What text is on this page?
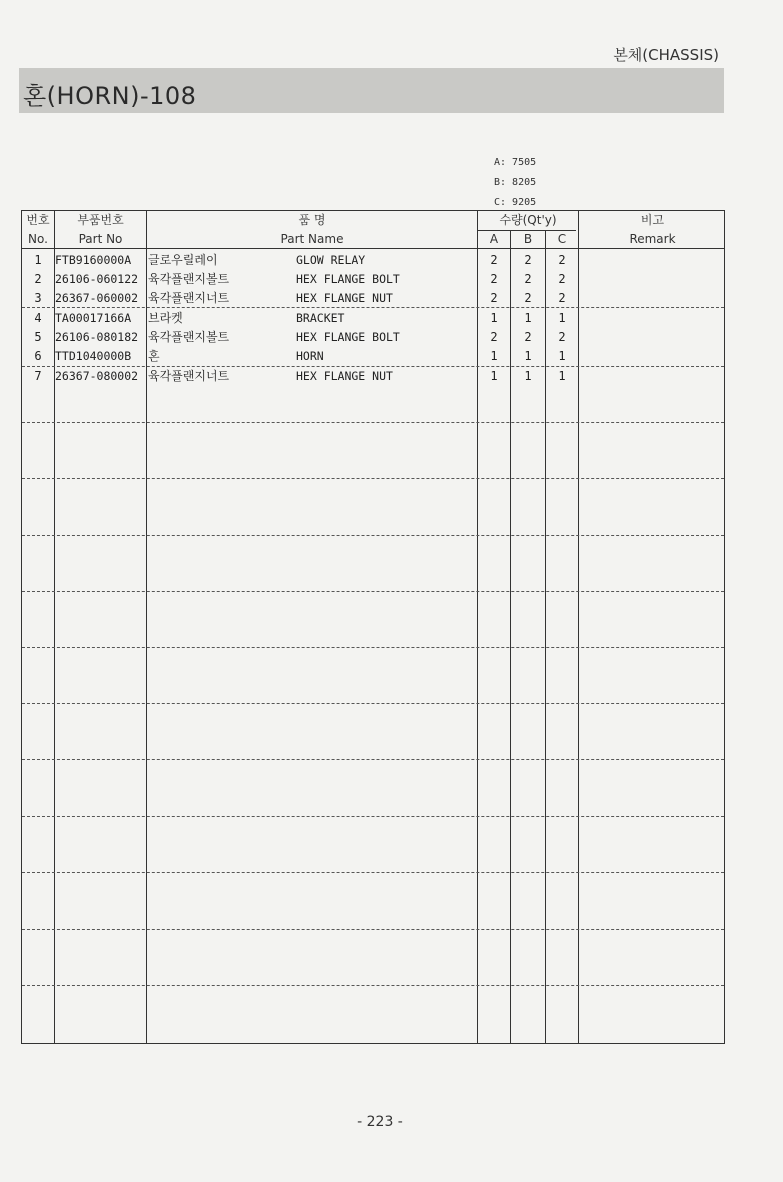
본체(CHASSIS)
혼(HORN)-108
A: 7505
B: 8205
C: 9205
번호
No.
부품번호
Part No
품 명
Part Name
수량(Qt'y)
A	B	C
비고
Remark
1	FTB9160000A	글로우릴레이	GLOW RELAY	2	2	2
2	26106-060122 육각플랜지볼트	HEX FLANGE BOLT	2	2	2
3	26367-060002 육각플랜지너트	HEX FLANGE NUT	2	2	2
4	TA00017166A	브라켓	BRACKET	1	1	1
5	26106-080182 육각플랜지볼트	HEX FLANGE BOLT	2	2	2
6	TTD1040000B	혼	HORN	1	1	1
7	26367-080002 육각플랜지너트	HEX FLANGE NUT	1	1	1
- 223 -
